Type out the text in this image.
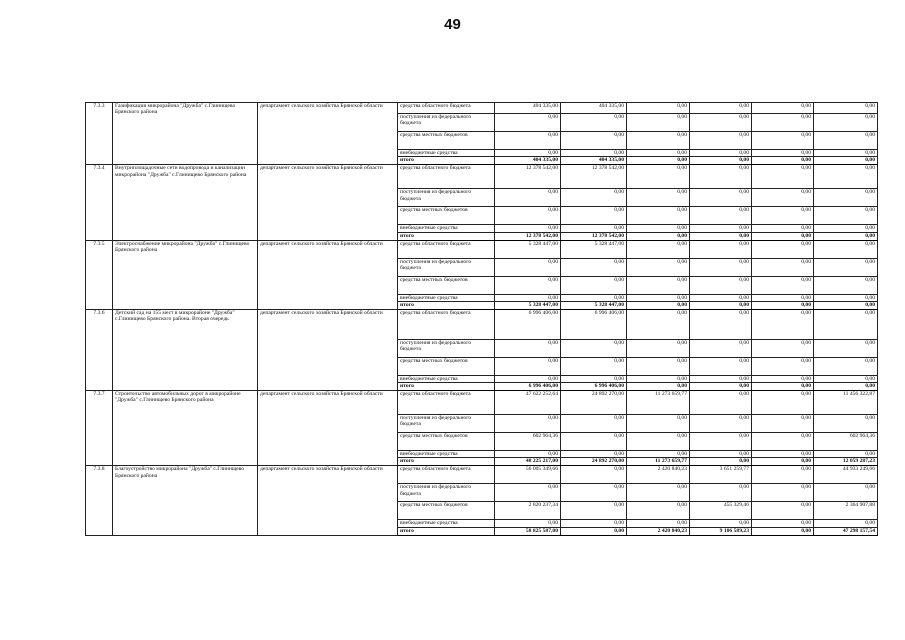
49
7.3.3	Газификация микрорайона "Дружба" с.Глинищево Брянского района	департамент сельского хозяйства Брянской области	средства областного бюджета	404 335,00	404 335,00	0,00	0,00	0,00	0,00
			поступления из федерального бюджета	0,00	0,00	0,00	0,00	0,00	0,00
			средства местных бюджетов	0,00	0,00	0,00	0,00	0,00	0,00
			внебюджетные средства	0,00	0,00	0,00	0,00	0,00	0,00
			итого	404 335,00	404 335,00	0,00	0,00	0,00	0,00
7.3.4	Внутриплощадочные сети водопровода и канализации микрорайона "Дружба" с.Глинищево Брянского района	департамент сельского хозяйства Брянской области	средства областного бюджета	12 378 542,00	12 378 542,00	0,00	0,00	0,00	0,00
			поступления из федерального бюджета	0,00	0,00	0,00	0,00	0,00	0,00
			средства местных бюджетов	0,00	0,00	0,00	0,00	0,00	0,00
			внебюджетные средства	0,00	0,00	0,00	0,00	0,00	0,00
			итого	12 378 542,00	12 378 542,00	0,00	0,00	0,00	0,00
7.3.5	Электроснабжение микрорайона "Дружба" с.Глинищево Брянского района	департамент сельского хозяйства Брянской области	средства областного бюджета	5 328 447,00	5 328 447,00	0,00	0,00	0,00	0,00
			поступления из федерального бюджета	0,00	0,00	0,00	0,00	0,00	0,00
			средства местных бюджетов	0,00	0,00	0,00	0,00	0,00	0,00
			внебюджетные средства	0,00	0,00	0,00	0,00	0,00	0,00
			итого	5 328 447,00	5 328 447,00	0,00	0,00	0,00	0,00
7.3.6	Детский сад на 155 мест в микрорайоне "Дружба" с.Глинищево Брянского района. Вторая очередь	департамент сельского хозяйства Брянской области	средства областного бюджета	6 996 406,00	6 996 406,00	0,00	0,00	0,00	0,00
			поступления из федерального бюджета	0,00	0,00	0,00	0,00	0,00	0,00
			средства местных бюджетов	0,00	0,00	0,00	0,00	0,00	0,00
			внебюджетные средства	0,00	0,00	0,00	0,00	0,00	0,00
			итого	6 996 406,00	6 996 406,00	0,00	0,00	0,00	0,00
7.3.7	Строительство автомобильных дорог в микрорайоне "Дружба" с.Глинищево Брянского района	департамент сельского хозяйства Брянской области	средства областного бюджета	47 622 252,64	24 892 270,00	11 273 659,77	0,00	0,00	11 456 322,87
			поступления из федерального бюджета	0,00	0,00	0,00	0,00	0,00	0,00
			средства местных бюджетов	602 964,36	0,00	0,00	0,00	0,00	602 964,36
			внебюджетные средства	0,00	0,00	0,00	0,00	0,00	0,00
			итого	48 225 217,00	24 892 270,00	11 273 659,77	0,00	0,00	12 059 287,23
7.3.8	Благоустройство микрорайона "Дружба" с.Глинищево Брянского района	департамент сельского хозяйства Брянской области	средства областного бюджета	56 005 349,66	0,00	2 420 840,23	3 651 259,77	0,00	44 933 249,66
			поступления из федерального бюджета	0,00	0,00	0,00	0,00	0,00	0,00
			средства местных бюджетов	2 820 237,34	0,00	0,00	455 329,46	0,00	2 364 907,88
			внебюджетные средства	0,00	0,00	0,00	0,00	0,00	0,00
			итого	58 825 587,00	0,00	2 420 840,23	9 106 589,23	0,00	47 298 157,54
